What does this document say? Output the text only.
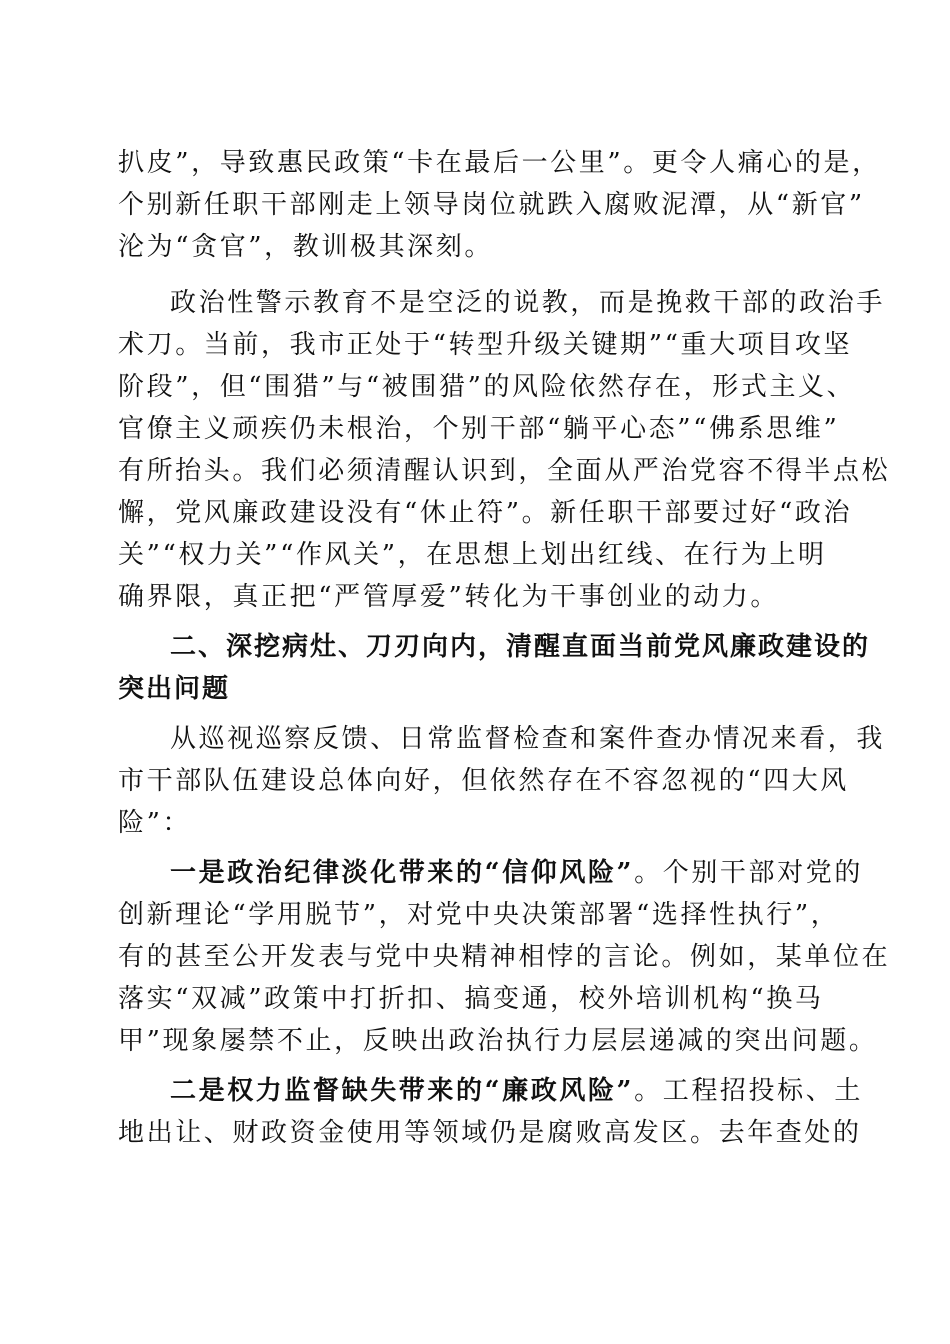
扒皮”，导致惠民政策“卡在最后一公里”。更令人痛心的是，
个别新任职干部刚走上领导岗位就跌入腐败泥潭，从“新官”
沦为“贪官”，教训极其深刻。
政治性警示教育不是空泛的说教，而是挽救干部的政治手
术刀。当前，我市正处于“转型升级关键期”“重大项目攻坚
阶段”，但“围猎”与“被围猎”的风险依然存在，形式主义、
官僚主义顽疾仍未根治，个别干部“躺平心态”“佛系思维”
有所抬头。我们必须清醒认识到，全面从严治党容不得半点松
懈，党风廉政建设没有“休止符”。新任职干部要过好“政治
关”“权力关”“作风关”，在思想上划出红线、在行为上明
确界限，真正把“严管厚爱”转化为干事创业的动力。
二、深挖病灶、刀刃向内，清醒直面当前党风廉政建设的
突出问题
从巡视巡察反馈、日常监督检查和案件查办情况来看，我
市干部队伍建设总体向好，但依然存在不容忽视的“四大风
险”：
一是政治纪律淡化带来的“信仰风险”。个别干部对党的
创新理论“学用脱节”，对党中央决策部署“选择性执行”，
有的甚至公开发表与党中央精神相悖的言论。例如，某单位在
落实“双减”政策中打折扣、搞变通，校外培训机构“换马
甲”现象屡禁不止，反映出政治执行力层层递减的突出问题。
二是权力监督缺失带来的“廉政风险”。工程招投标、土
地出让、财政资金使用等领域仍是腐败高发区。去年查处的
